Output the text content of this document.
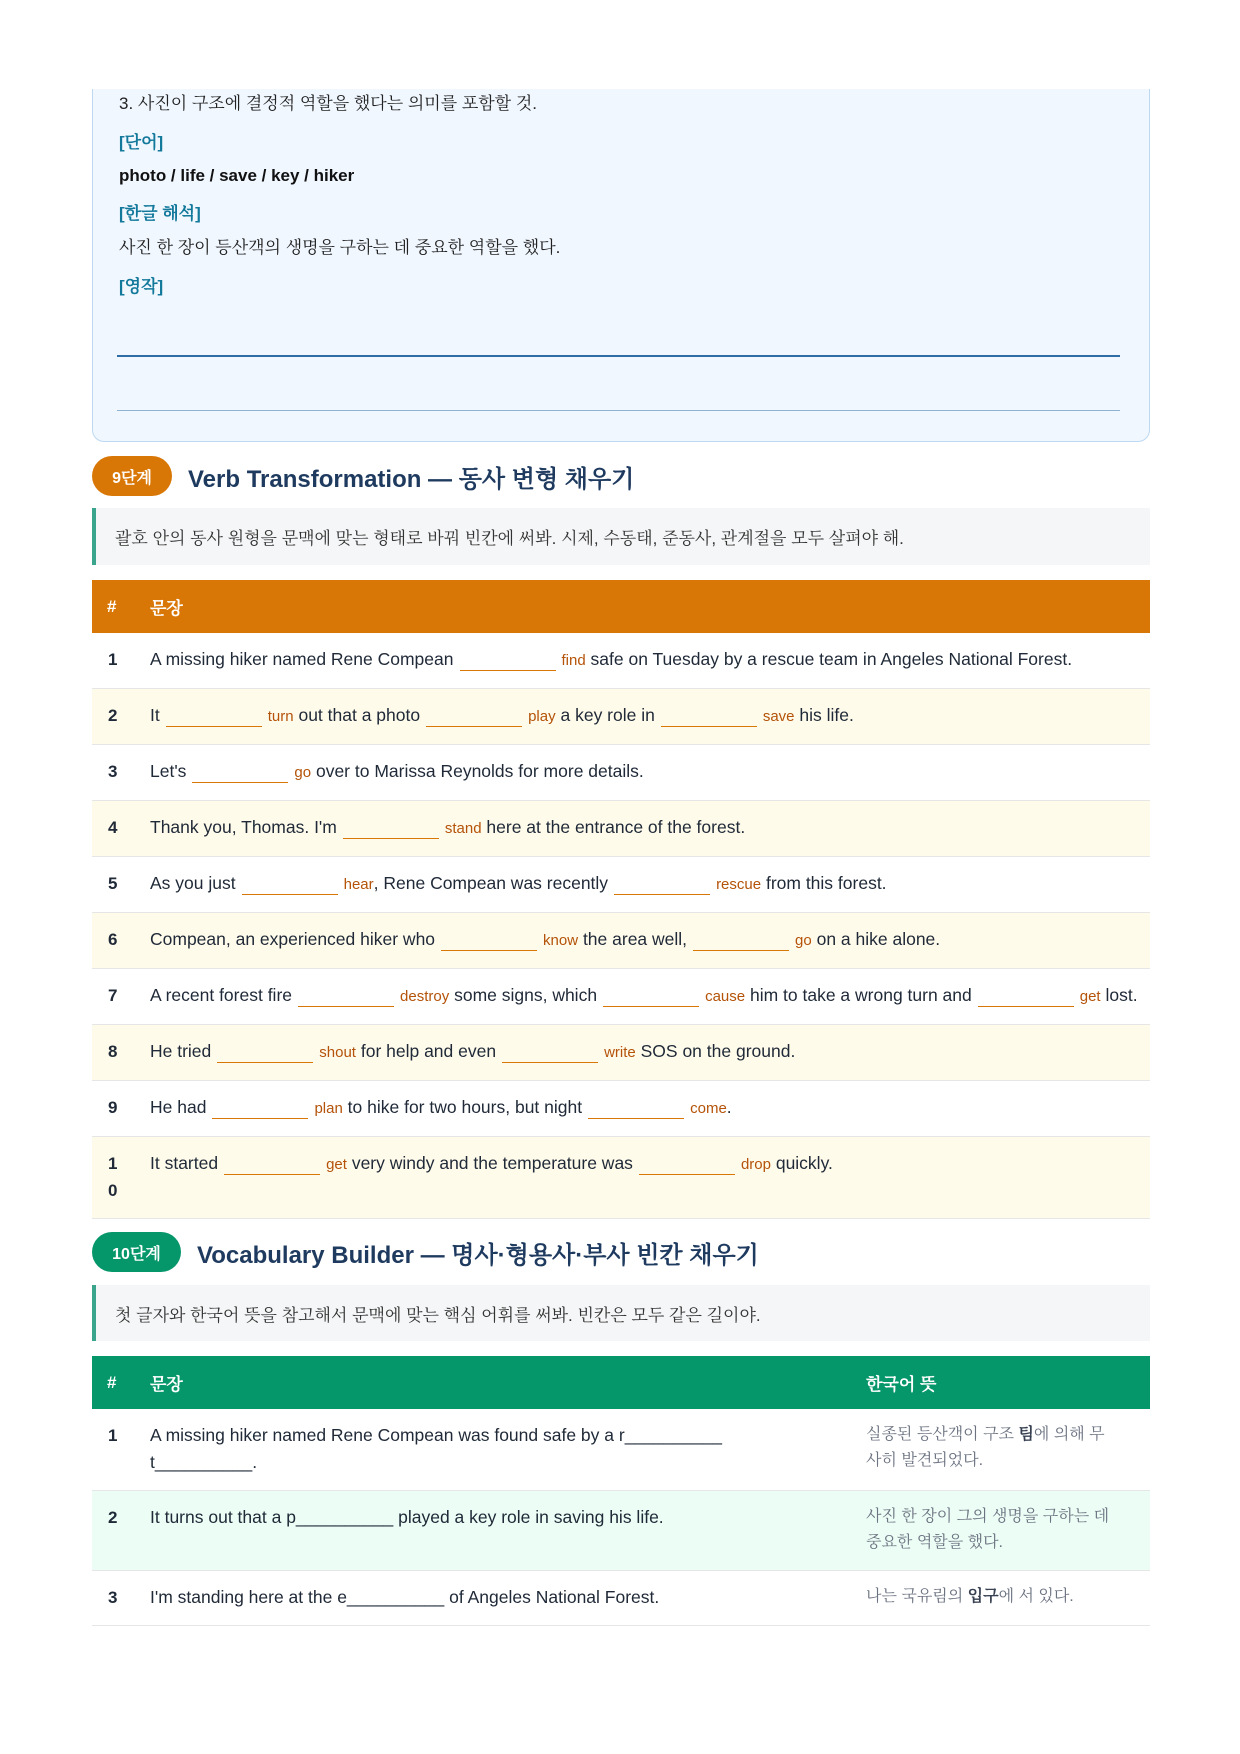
3. 사진이 구조에 결정적 역할을 했다는 의미를 포함할 것.
[단어]
photo / life / save / key / hiker
[한글 해석]
사진 한 장이 등산객의 생명을 구하는 데 중요한 역할을 했다.
[영작]
9단계	Verb Transformation — 동사 변형 채우기
괄호 안의 동사 원형을 문맥에 맞는 형태로 바꿔 빈칸에 써봐. 시제, 수동태, 준동사, 관계절을 모두 살펴야 해.
#	문장
1	A missing hiker named Rene Compean find safe on Tuesday by a rescue team in Angeles National Forest.
2	It turn out that a photo play a key role in save his life.
3	Let's go over to Marissa Reynolds for more details.
4	Thank you, Thomas. I'm stand here at the entrance of the forest.
5	As you just hear, Rene Compean was recently rescue from this forest.
6	Compean, an experienced hiker who know the area well, go on a hike alone.
7	A recent forest fire destroy some signs, which cause him to take a wrong turn and get lost.
8	He tried shout for help and even write SOS on the ground.
9	He had plan to hike for two hours, but night come.
10	It started get very windy and the temperature was drop quickly.
10단계	Vocabulary Builder — 명사·형용사·부사 빈칸 채우기
첫 글자와 한국어 뜻을 참고해서 문맥에 맞는 핵심 어휘를 써봐. 빈칸은 모두 같은 길이야.
#	문장	한국어 뜻
1	A missing hiker named Rene Compean was found safe by a r__________ t__________.	실종된 등산객이 구조 팀에 의해 무사히 발견되었다.
2	It turns out that a p__________ played a key role in saving his life.	사진 한 장이 그의 생명을 구하는 데 중요한 역할을 했다.
3	I'm standing here at the e__________ of Angeles National Forest.	나는 국유림의 입구에 서 있다.
